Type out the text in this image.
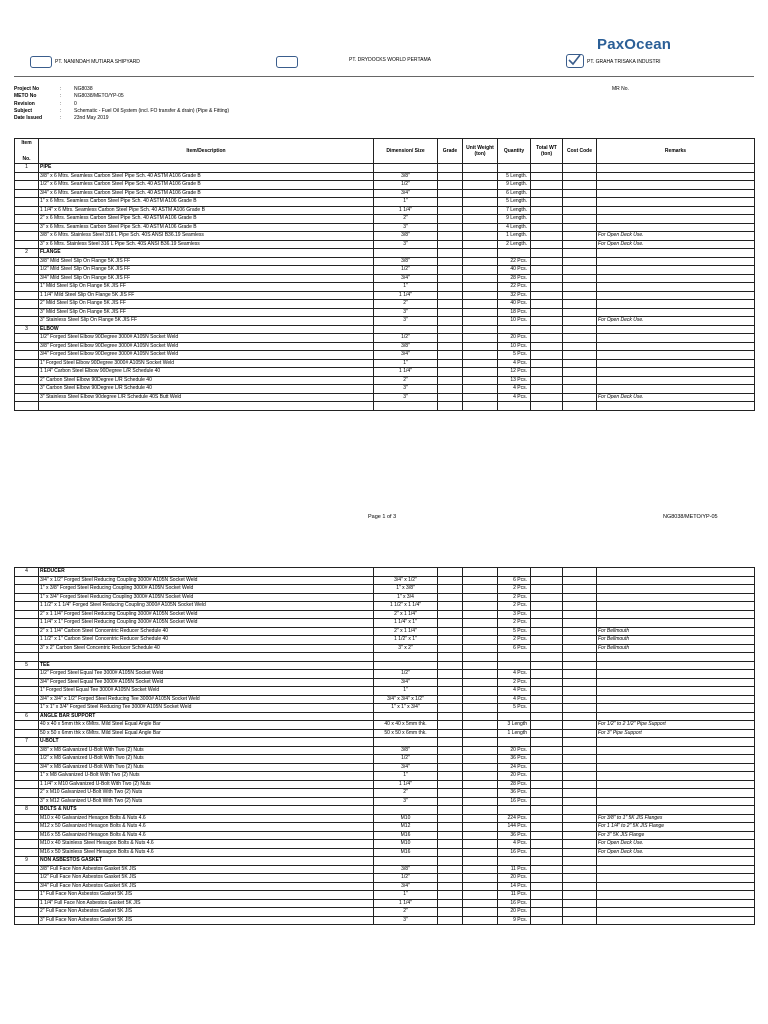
PT. NANINDAH MUTIARA SHIPYARD	PT. DRYDOCKS WORLD PERTAMA
PaxOcean
PT. GRAHA TRISAKA INDUSTRI
Project No	:	NG8038
METO No	:	NG8038/METO/YP-05
Revision	:	0
Subject	:	Schematic - Fuel Oil System (incl. FO transfer & drain) (Pipe & Fitting)
Date Issued	:	23nd May 2019
MR No.
Item

No.	Item/Description	Dimension/ Size	Grade	Unit Weight (ton)	Quantity	Total WT (ton)	Cost Code	Remarks
1	PIPE							
	3/8" x 6 Mtrs. Seamless Carbon Steel Pipe Sch. 40 ASTM A106 Grade B	3/8"			5 Length.			
	1/2" x 6 Mtrs. Seamless Carbon Steel Pipe Sch. 40 ASTM A106 Grade B	1/2"			9 Length.			
	3/4" x 6 Mtrs. Seamless Carbon Steel Pipe Sch. 40 ASTM A106 Grade B	3/4"			6 Length.			
	1" x 6 Mtrs. Seamless Carbon Steel Pipe Sch. 40 ASTM A106 Grade B	1"			5 Length.			
	1 1/4" x 6 Mtrs. Seamless Carbon Steel Pipe Sch. 40 ASTM A106 Grade B	1 1/4"			7 Length.			
	2" x 6 Mtrs. Seamless Carbon Steel Pipe Sch. 40 ASTM A106 Grade B	2"			9 Length.			
	3" x 6 Mtrs. Seamless Carbon Steel Pipe Sch. 40 ASTM A106 Grade B	3"			4 Length.			
	3/8" x 6 Mtrs. Stainless Steel 316 L Pipe Sch. 40S ANSI B36.19 Seamless	3/8"			1 Length.			For Open Deck Use.
	3" x 6 Mtrs. Stainless Steel 316 L Pipe Sch. 40S ANSI B36.19 Seamless	3"			2 Length.			For Open Deck Use.
2	FLANGE							
	3/8" Mild Steel Slip On Flange 5K JIS FF	3/8"			22 Pcs.			
	1/2" Mild Steel Slip On Flange 5K JIS FF	1/2"			40 Pcs.			
	3/4" Mild Steel Slip On Flange 5K JIS FF	3/4"			28 Pcs.			
	1" Mild Steel Slip On Flange 5K JIS FF	1"			22 Pcs.			
	1 1/4" Mild Steel Slip On Flange 5K JIS FF	1 1/4"			32 Pcs.			
	2" Mild Steel Slip On Flange 5K JIS FF	2"			40 Pcs.			
	3" Mild Steel Slip On Flange 5K JIS FF	3"			18 Pcs.			
	3" Stainless Steel Slip On Flange 5K JIS FF	3"			10 Pcs.			For Open Deck Use.
3	ELBOW							
	1/2" Forged Steel Elbow 90Degree 3000# A105N Socket Weld	1/2"			20 Pcs.			
	3/8" Forged Steel Elbow 90Degree 3000# A105N Socket Weld	3/8"			10 Pcs.			
	3/4" Forged Steel Elbow 90Degree 3000# A105N Socket Weld	3/4"			5 Pcs.			
	1" Forged Steel Elbow 90Degree 3000# A105N Socket Weld	1"			4 Pcs.			
	1 1/4" Carbon Steel Elbow 90Degree L/R Schedule 40	1 1/4"			12 Pcs.			
	2" Carbon Steel Elbow 90Degree L/R Schedule 40	2"			13 Pcs.			
	3" Carbon Steel Elbow 90Degree L/R Schedule 40	3"			4 Pcs.			
	3" Stainless Steel Elbow 90degree L/R Schedule 40S Butt Weld	3"			4 Pcs.			For Open Deck Use.

Page 1 of 3	NG8038/METO/YP-05
4	REDUCER							
	3/4" x 1/2" Forged Steel Reducing Coupling 3000# A105N Socket Weld	3/4" x 1/2"			6 Pcs.			
	1" x 3/8" Forged Steel Reducing Coupling 3000# A105N Socket Weld	1" x 3/8"			2 Pcs.			
	1" x 3/4" Forged Steel Reducing Coupling 3000# A105N Socket Weld	1" x 3/4			2 Pcs.			
	1 1/2" x 1 1/4" Forged Steel Reducing Coupling 3000# A105N Socket Weld	1 1/2" x 1 1/4"			2 Pcs.			
	2" x 1 1/4" Forged Steel Reducing Coupling 3000# A105N Socket Weld	2" x 1 1/4"			3 Pcs.			
	1 1/4" x 1" Forged Steel Reducing Coupling 3000# A105N Socket Weld	1 1/4" x 1"			2 Pcs.			
	2" x 1 1/4" Carbon Steel Concentric Reducer Schedule 40	2" x 1 1/4"			5 Pcs.			For Bellmouth
	1 1/2" x 1" Carbon Steel Concentric Reducer Schedule 40	1 1/2" x 1"			2 Pcs.			For Bellmouth
	3" x 2" Carbon Steel Concentric Reducer Schedule 40	3" x 2"			6 Pcs.			For Bellmouth

5	TEE							
	1/2" Forged Steel Equal Tee 3000# A105N Socket Weld	1/2"			4 Pcs.			
	3/4" Forged Steel Equal Tee 3000# A105N Socket Weld	3/4"			2 Pcs.			
	1" Forged Steel Equal Tee 3000# A105N Socket Weld	1"			4 Pcs.			
	3/4" x 3/4" x 1/2" Forged Steel Reducing Tee 3000# A105N Socket Weld	3/4" x 3/4" x 1/2"			4 Pcs.			
	1" x 1" x 3/4" Forged Steel Reducing Tee 3000# A105N Socket Weld	1" x 1" x 3/4"			5 Pcs.			
6	ANGLE BAR SUPPORT							
	40 x 40 x 5mm thk x 6Mtrs. Mild Steel Equal Angle Bar	40 x 40 x 5mm thk.			3 Length			For 1/2" to 2 1/2" Pipe Support
	50 x 50 x 6mm thk x 6Mtrs. Mild Steel Equal Angle Bar	50 x 50 x 6mm thk.			1 Length			For 3" Pipe Support
7	U-BOLT							
	3/8" x M8 Galvanized U-Bolt With Two (2) Nuts	3/8"			20 Pcs.			
	1/2" x M8 Galvanized U-Bolt With Two (2) Nuts	1/2"			36 Pcs.			
	3/4" x M8 Galvanized U-Bolt With Two (2) Nuts	3/4"			24 Pcs.			
	1" x M8 Galvanized U-Bolt With Two (2) Nuts	1"			20 Pcs.			
	1 1/4" x M10 Galvanized U-Bolt With Two (2) Nuts	1 1/4"			28 Pcs.			
	2" x M10 Galvanized U-Bolt With Two (2) Nuts	2"			36 Pcs.			
	3" x M12 Galvanized U-Bolt With Two (2) Nuts	3"			16 Pcs.			
8	BOLTS & NUTS							
	M10 x 40 Galvanized Hexagon Bolts & Nuts 4.6	M10			224 Pcs.			For 3/8" to 1" 5K JIS Flanges
	M12 x 50 Galvanized Hexagon Bolts & Nuts 4.6	M12			144 Pcs.			For 1 1/4" to 2" 5K JIS Flange
	M16 x 55 Galvanized Hexagon Bolts & Nuts 4.6	M16			36 Pcs.			For 3" 5K JIS Flange
	M10 x 40 Stainless Steel Hexagon Bolts & Nuts 4.6	M10			4 Pcs.			For Open Deck Use.
	M16 x 50 Stainless Steel Hexagon Bolts & Nuts 4.6	M16			16 Pcs.			For Open Deck Use.
9	NON ASBESTOS GASKET							
	3/8" Full Face Non Asbestos Gasket 5K JIS	3/8"			11 Pcs.			
	1/2" Full Face Non Asbestos Gasket 5K JIS	1/2"			20 Pcs.			
	3/4" Full Face Non Asbestos Gasket 5K JIS	3/4"			14 Pcs.			
	1" Full Face Non Asbestos Gasket 5K JIS	1"			11 Pcs.			
	1 1/4" Full Face Non Asbestos Gasket 5K JIS	1 1/4"			16 Pcs.			
	2" Full Face Non Asbestos Gasket 5K JIS	2"			20 Pcs.			
	3" Full Face Non Asbestos Gasket 5K JIS	3"			9 Pcs.			
